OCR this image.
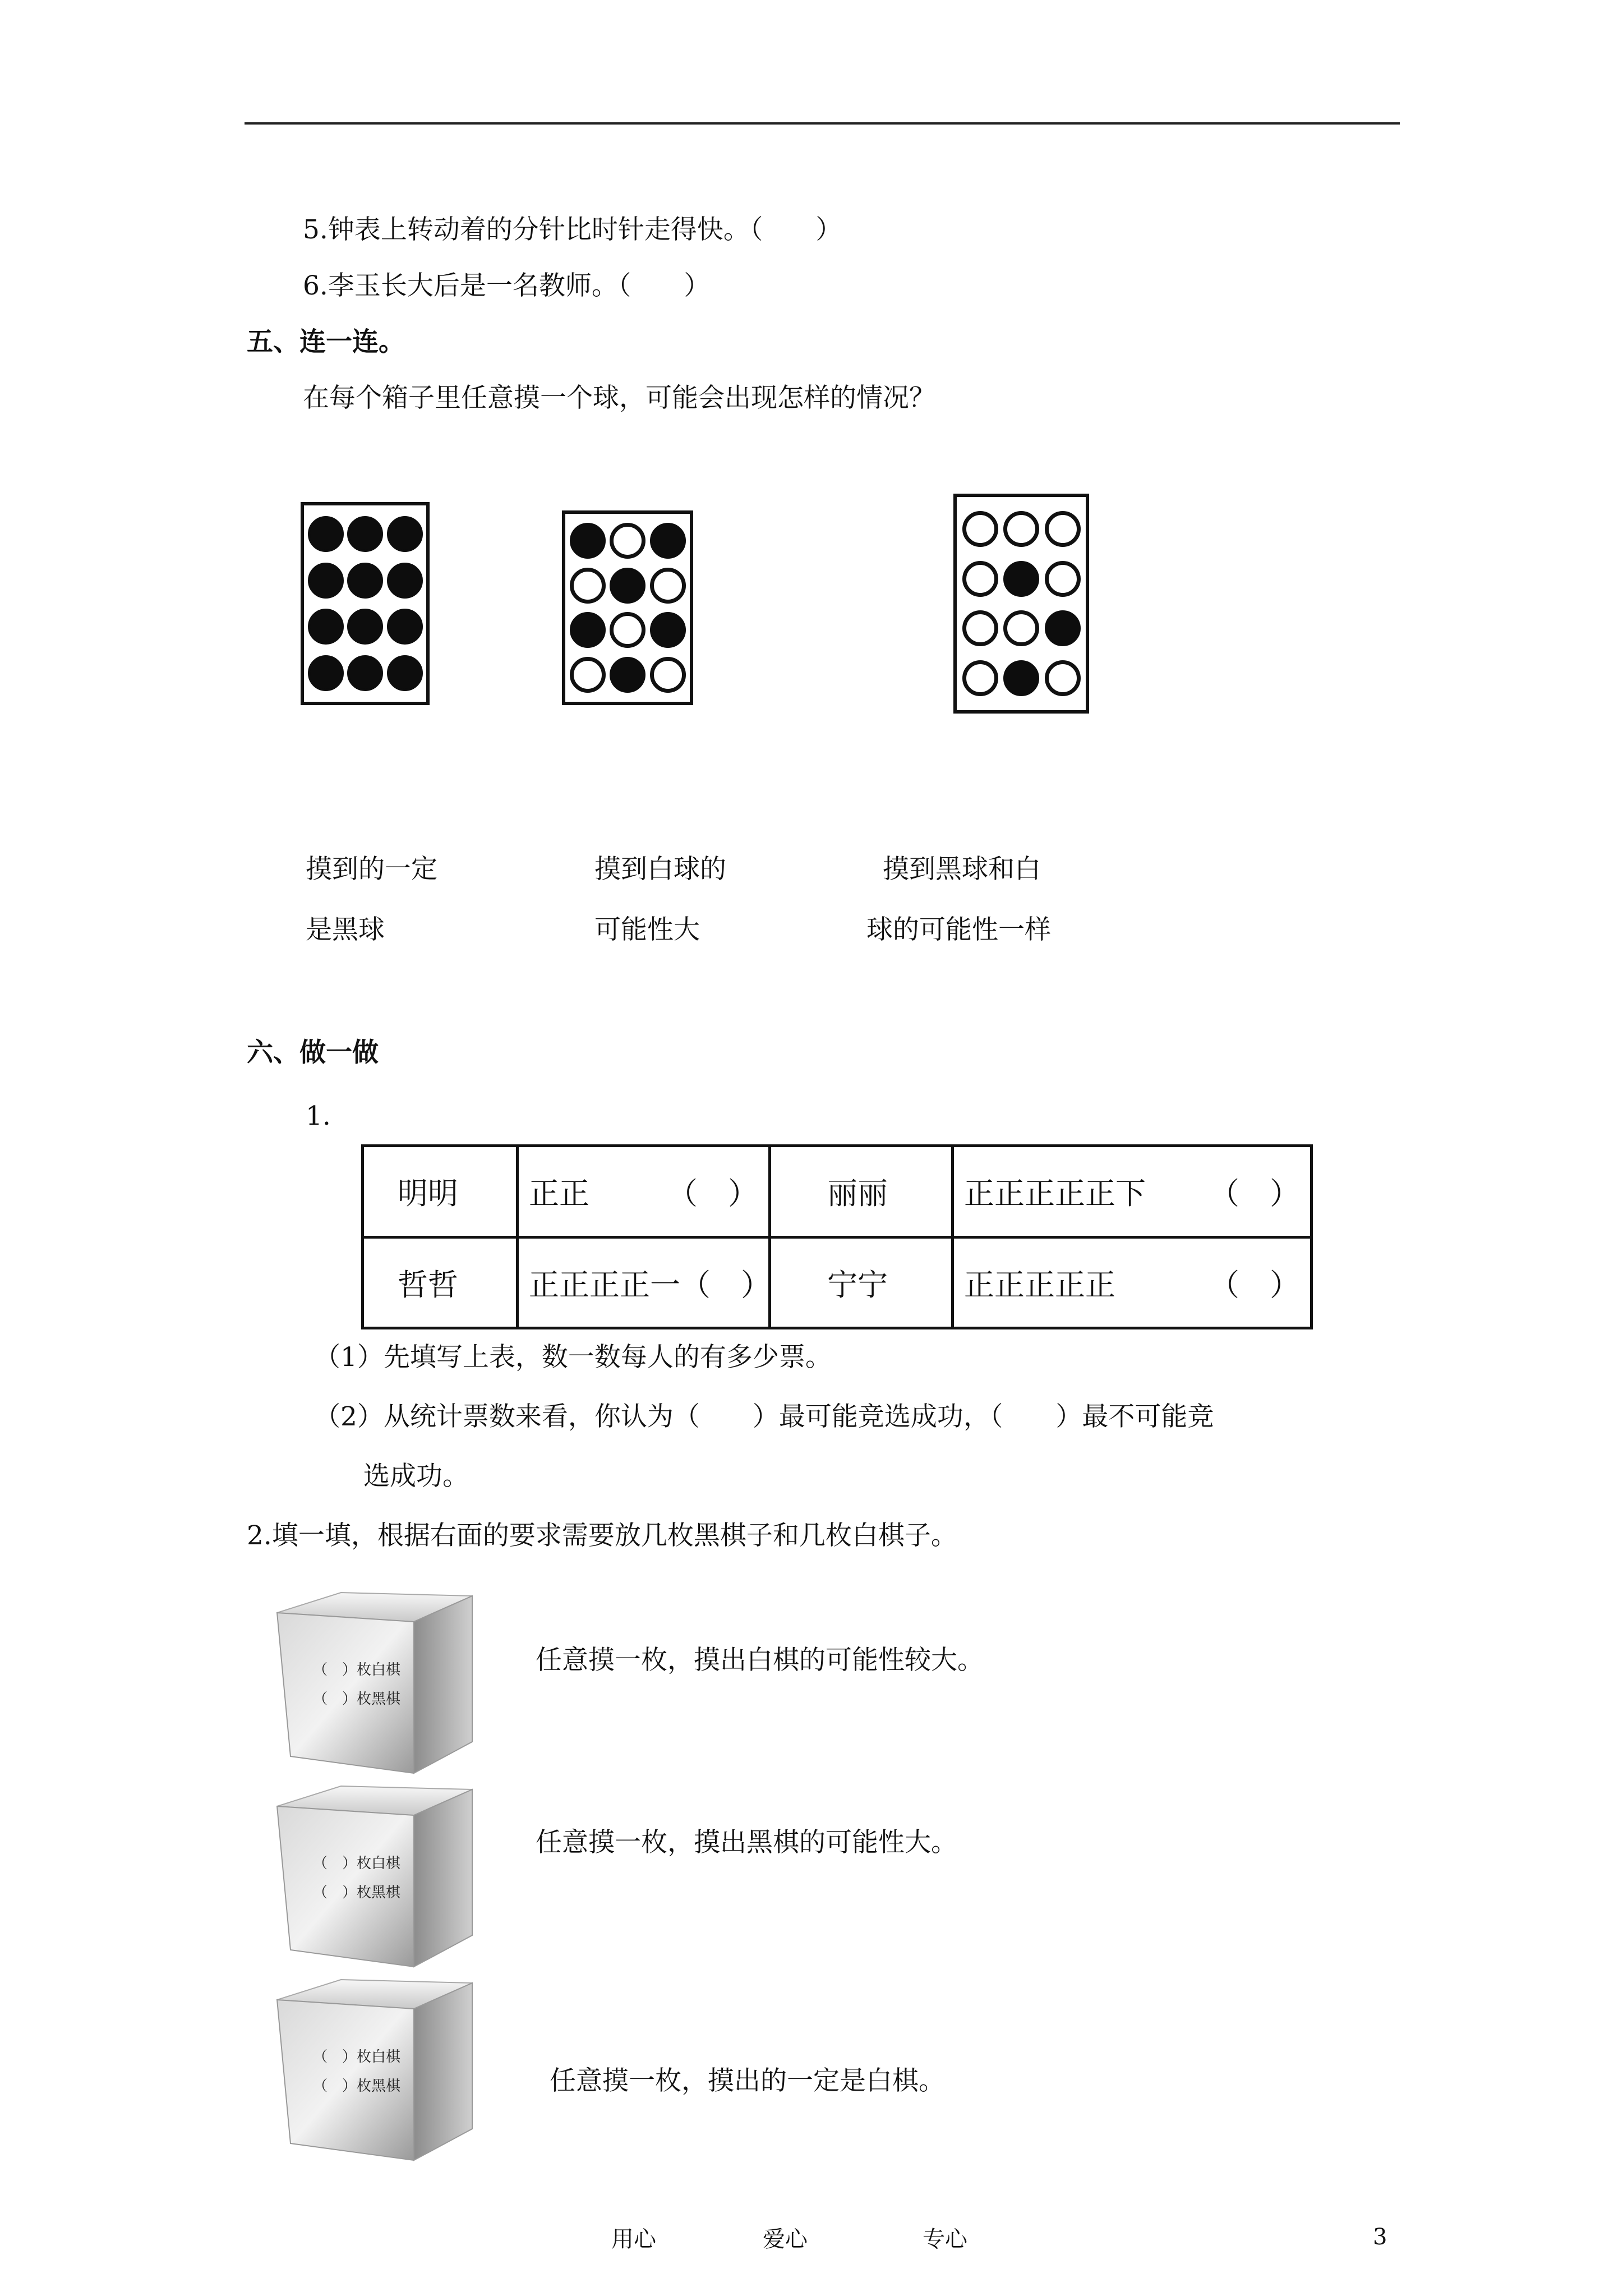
5.钟表上转动着的分针比时针走得快。（　　）
6.李玉长大后是一名教师。（　　）
五、连一连。
在每个箱子里任意摸一个球，可能会出现怎样的情况？
摸到的一定
是黑球
摸到白球的
可能性大
摸到黑球和白
球的可能性一样
六、做一做
1.
明明	正正 （　）	丽丽	正正正正正下 （　）

哲哲	正正正正一 （　）	宁宁	正正正正正 （　）
（1）先填写上表，数一数每人的有多少票。
（2）从统计票数来看，你认为（　　）最可能竞选成功，（　　）最不可能竞
选成功。
2.填一填，根据右面的要求需要放几枚黑棋子和几枚白棋子。
（　）枚白棋
（　）枚黑棋
任意摸一枚，摸出白棋的可能性较大。
（　）枚白棋
（　）枚黑棋
任意摸一枚，摸出黑棋的可能性大。
（　）枚白棋
（　）枚黑棋	任意摸一枚，摸出的一定是白棋。
用心	爱心	专心	3
